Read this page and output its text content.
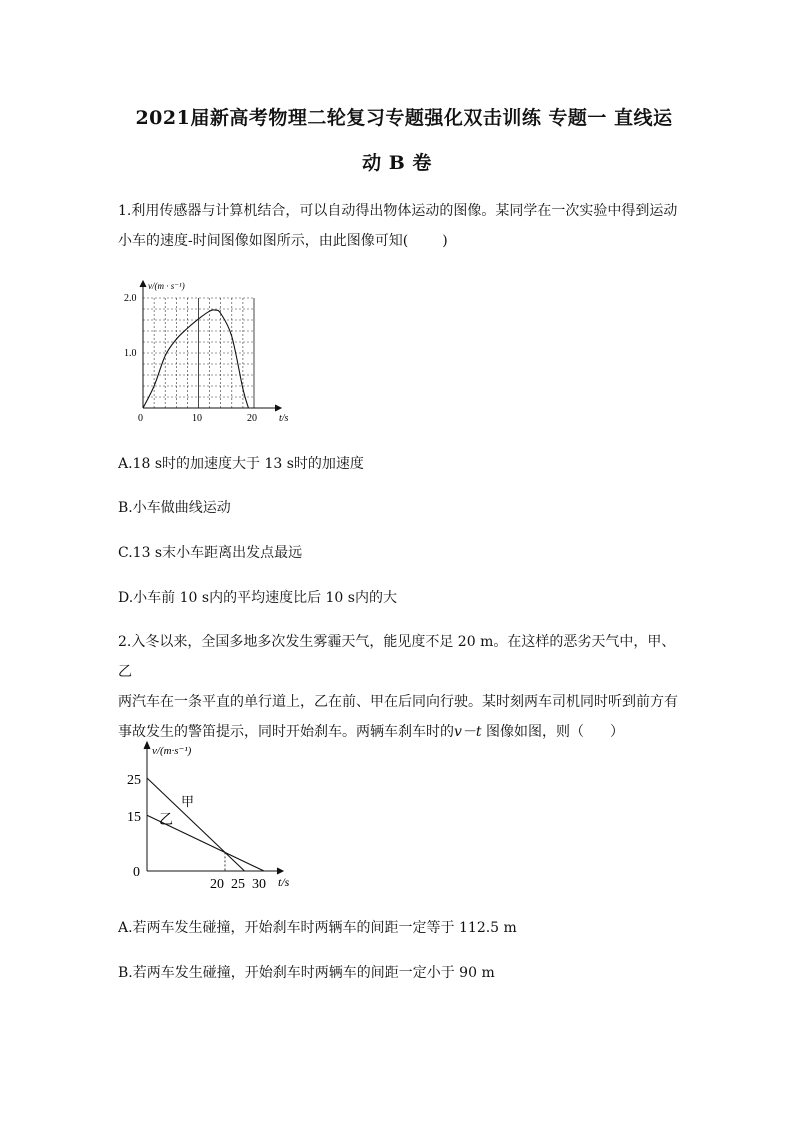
2021届新高考物理二轮复习专题强化双击训练 专题一 直线运
动 B 卷
1.利用传感器与计算机结合，可以自动得出物体运动的图像。某同学在一次实验中得到运动
小车的速度-时间图像如图所示，由此图像可知( )
v/(m · s⁻¹)
t/s
2.0
1.0
0	10	20
A.18 s时的加速度大于 13 s时的加速度
B.小车做曲线运动
C.13 s末小车距离出发点最远
D.小车前 10 s内的平均速度比后 10 s内的大
2.入冬以来，全国多地多次发生雾霾天气，能见度不足 20 m。在这样的恶劣天气中，甲、乙
两汽车在一条平直的单行道上，乙在前、甲在后同向行驶。某时刻两车司机同时听到前方有
事故发生的警笛提示，同时开始刹车。两辆车刹车时的v－t 图像如图，则（ ）
v/(m·s⁻¹)
t/s
25
15
0
20 25 30
甲
乙
A.若两车发生碰撞，开始刹车时两辆车的间距一定等于 112.5 m
B.若两车发生碰撞，开始刹车时两辆车的间距一定小于 90 m
